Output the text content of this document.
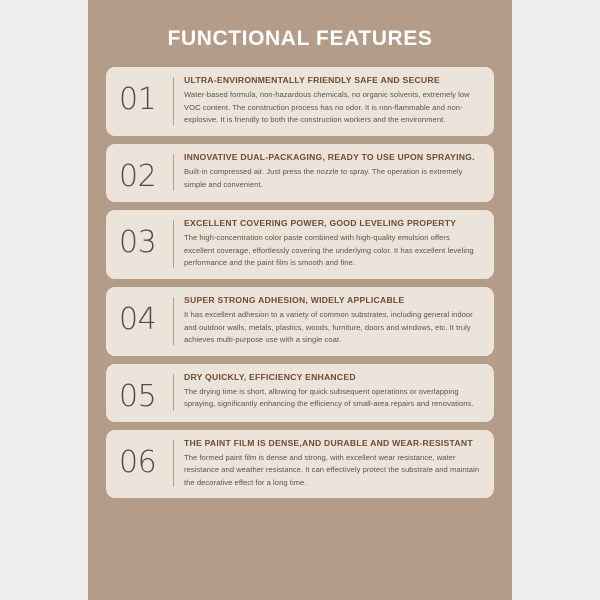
FUNCTIONAL FEATURES
01
ULTRA-ENVIRONMENTALLY FRIENDLY SAFE AND SECURE
Water-based formula, non-hazardous chemicals, no organic solvents, extremely low VOC content. The construction process has no odor. It is non-flammable and non-explosive. It is friendly to both the construction workers and the environment.
02
INNOVATIVE DUAL-PACKAGING, READY TO USE UPON SPRAYING.
Built-in compressed air. Just press the nozzle to spray. The operation is extremely simple and convenient.
03
EXCELLENT COVERING POWER, GOOD LEVELING PROPERTY
The high-concentration color paste combined with high-quality emulsion offers excellent coverage, effortlessly covering the underlying color. It has excellent leveling performance and the paint film is smooth and fine.
04
SUPER STRONG ADHESION, WIDELY APPLICABLE
It has excellent adhesion to a variety of common substrates, including general indoor and outdoor walls, metals, plastics, woods, furniture, doors and windows, etc. It truly achieves multi-purpose use with a single coat.
05
DRY QUICKLY, EFFICIENCY ENHANCED
The drying time is short, allowing for quick subsequent operations or overlapping spraying, significantly enhancing the efficiency of small-area repairs and renovations.
06
THE PAINT FILM IS DENSE,AND DURABLE AND WEAR-RESISTANT
The formed paint film is dense and strong, with excellent wear resistance, water resistance and weather resistance. It can effectively protect the substrate and maintain the decorative effect for a long time.
